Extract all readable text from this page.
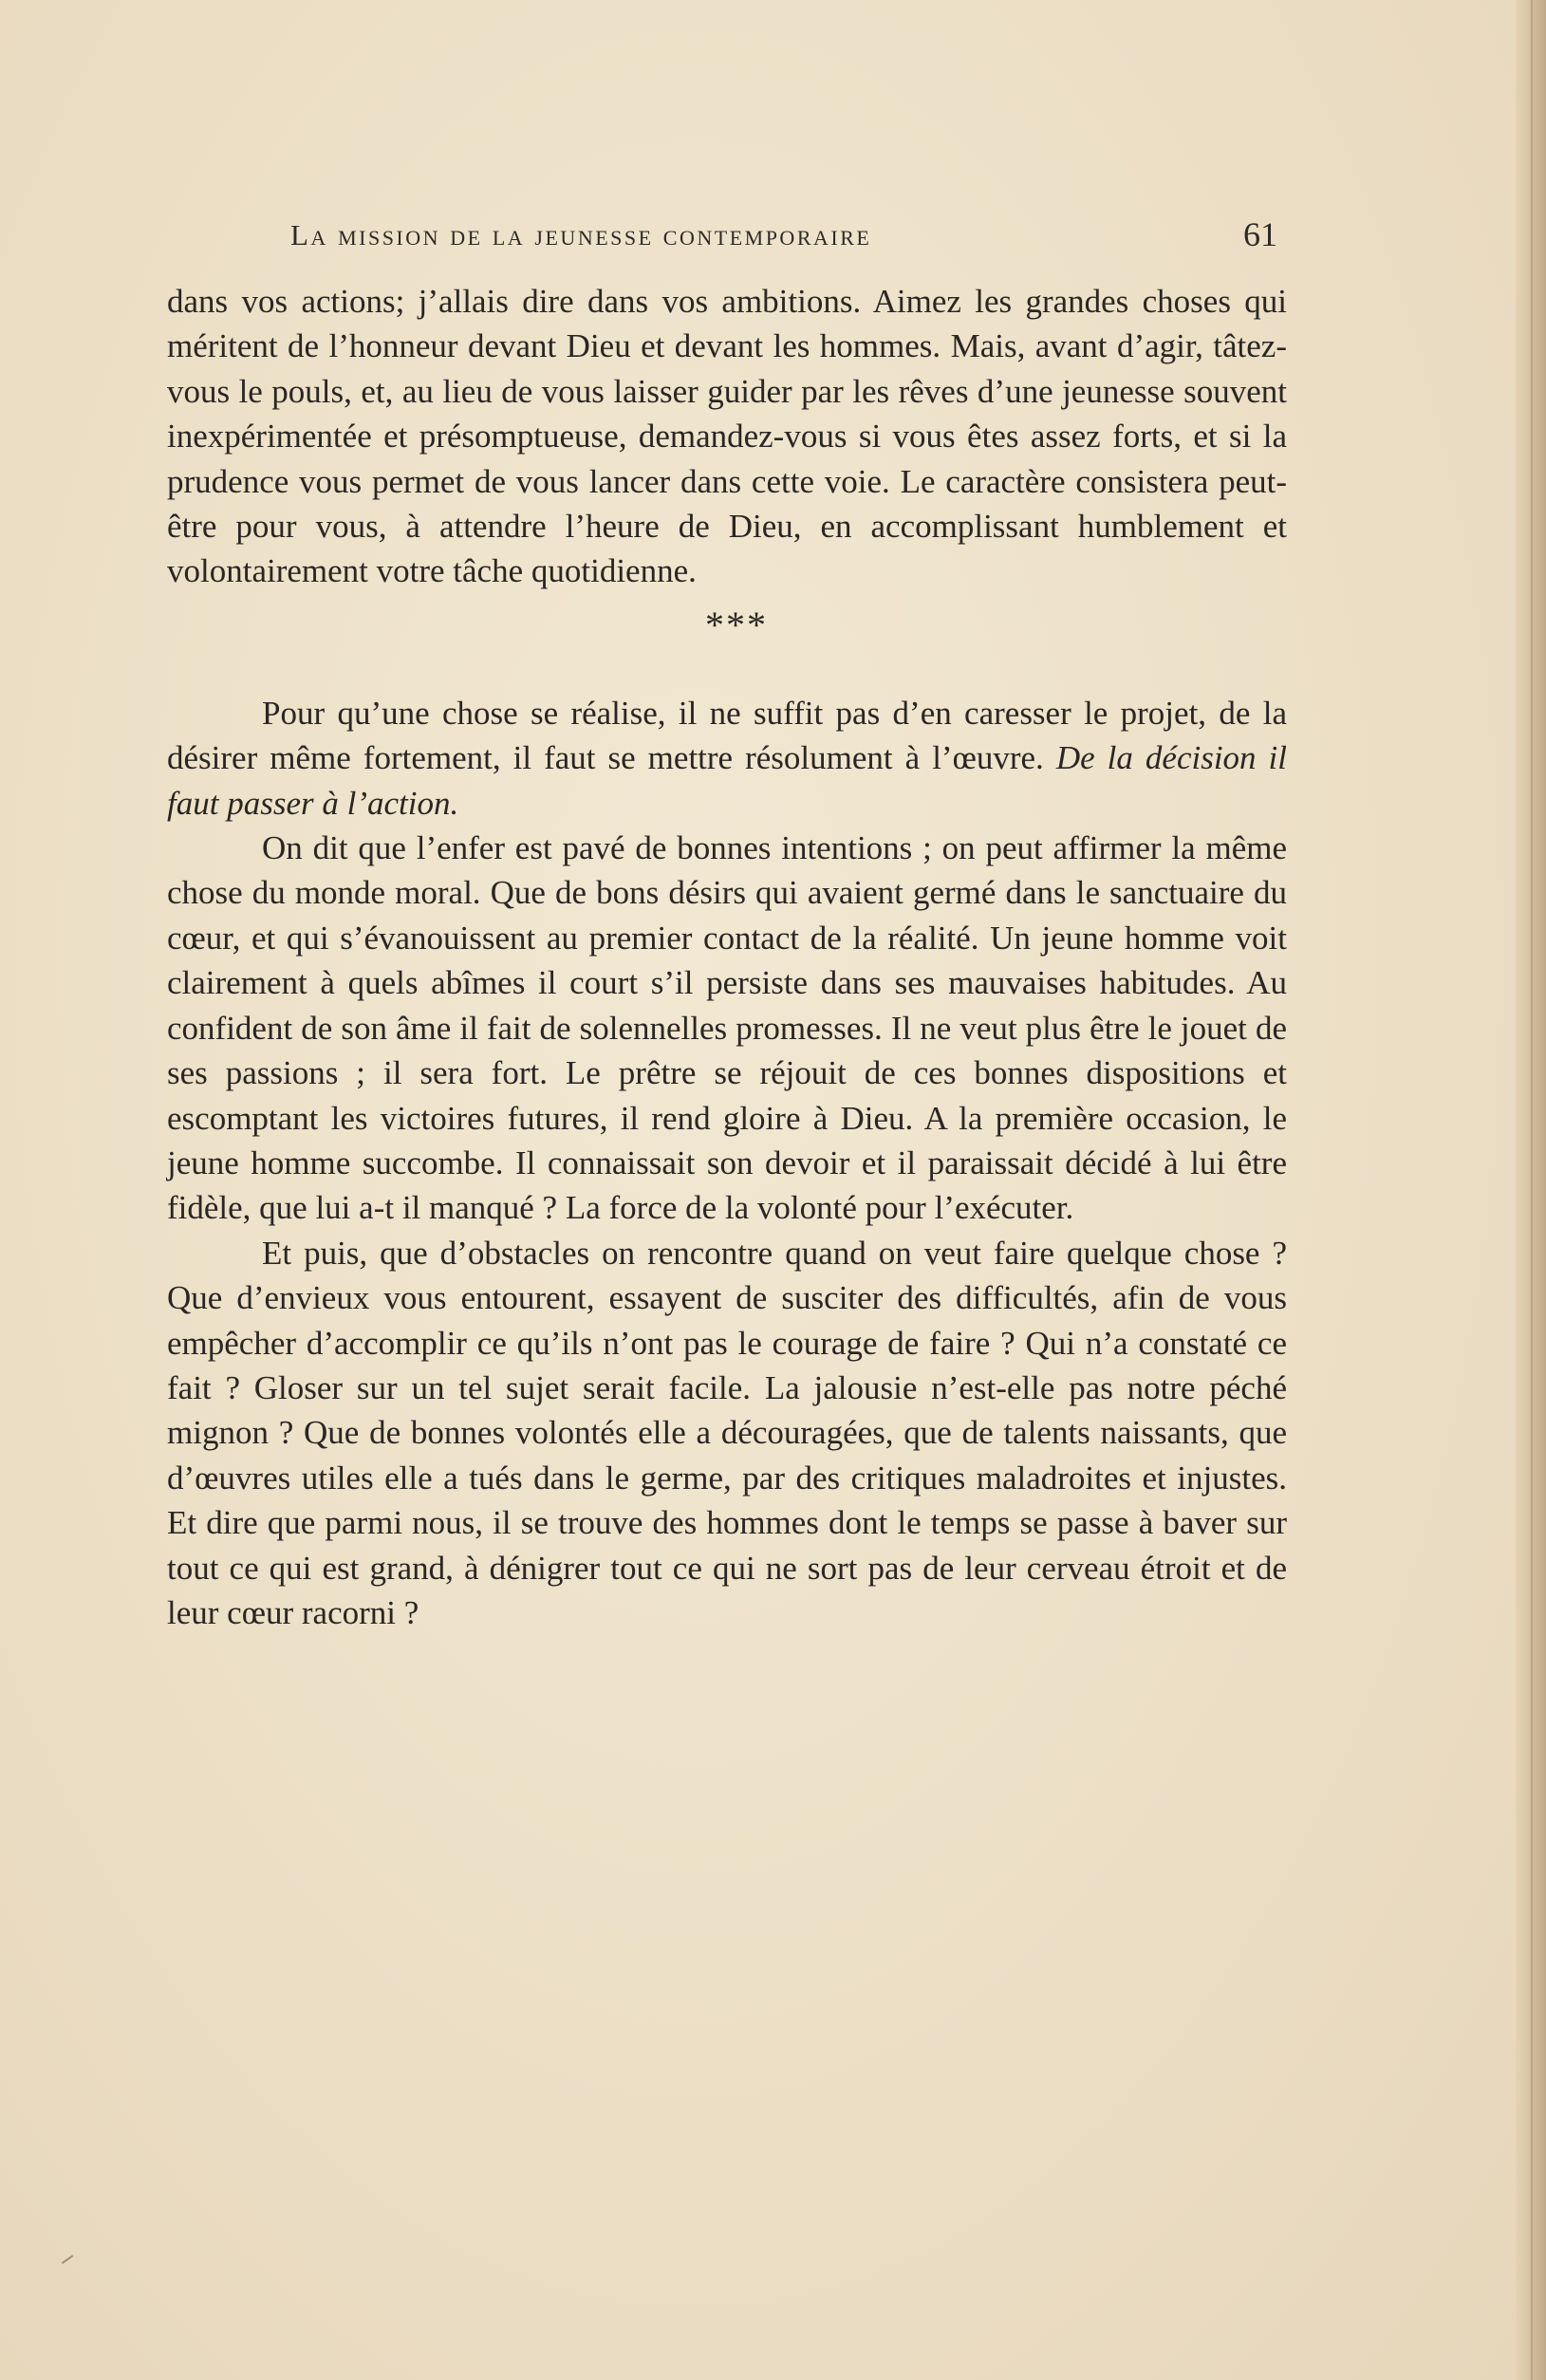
La mission de la jeunesse contemporaire	61

dans vos actions; j’allais dire dans vos ambitions. Aimez les grandes choses qui méritent de l’honneur devant Dieu et devant les hommes. Mais, avant d’agir, tâtez-vous le pouls, et, au lieu de vous laisser guider par les rêves d’une jeunesse souvent inexpérimentée et présomptueuse, demandez-vous si vous êtes assez forts, et si la prudence vous permet de vous lancer dans cette voie. Le caractère consistera peut-être pour vous, à attendre l’heure de Dieu, en accomplissant humblement et volontairement votre tâche quotidienne.

***

Pour qu’une chose se réalise, il ne suffit pas d’en caresser le projet, de la désirer même fortement, il faut se mettre résolument à l’œuvre. De la décision il faut passer à l’action.

On dit que l’enfer est pavé de bonnes intentions ; on peut affirmer la même chose du monde moral. Que de bons désirs qui avaient germé dans le sanctuaire du cœur, et qui s’évanouissent au premier contact de la réalité. Un jeune homme voit clairement à quels abîmes il court s’il persiste dans ses mauvaises habitudes. Au confident de son âme il fait de solennelles promesses. Il ne veut plus être le jouet de ses passions ; il sera fort. Le prêtre se réjouit de ces bonnes dispositions et escomptant les victoires futures, il rend gloire à Dieu. A la première occasion, le jeune homme succombe. Il connaissait son devoir et il paraissait décidé à lui être fidèle, que lui a-t il manqué ? La force de la volonté pour l’exécuter.

Et puis, que d’obstacles on rencontre quand on veut faire quelque chose ? Que d’envieux vous entourent, essayent de susciter des difficultés, afin de vous empêcher d’accomplir ce qu’ils n’ont pas le courage de faire ? Qui n’a constaté ce fait ? Gloser sur un tel sujet serait facile. La jalousie n’est-elle pas notre péché mignon ? Que de bonnes volontés elle a découragées, que de talents naissants, que d’œuvres utiles elle a tués dans le germe, par des critiques maladroites et injustes. Et dire que parmi nous, il se trouve des hommes dont le temps se passe à baver sur tout ce qui est grand, à dénigrer tout ce qui ne sort pas de leur cerveau étroit et de leur cœur racorni ?
